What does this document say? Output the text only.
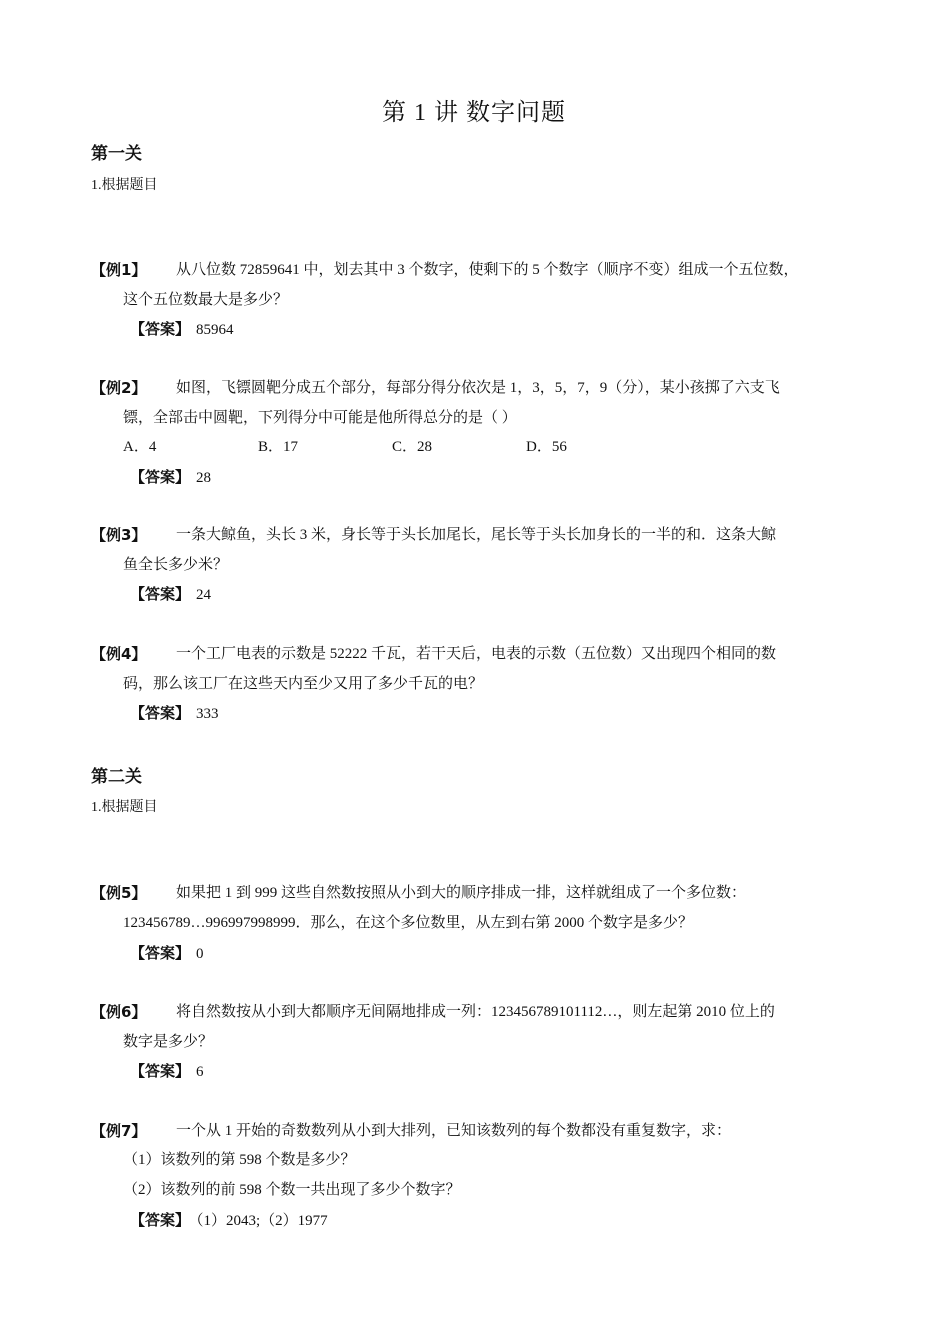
第 1 讲 数字问题
第一关
1.根据题目
【例1】 从八位数 72859641 中，划去其中 3 个数字，使剩下的 5 个数字（顺序不变）组成一个五位数，
这个五位数最大是多少？
【答案】 85964
【例2】 如图，飞镖圆靶分成五个部分，每部分得分依次是 1，3，5，7，9（分），某小孩掷了六支飞
镖，全部击中圆靶，下列得分中可能是他所得总分的是（ ）
A．4	B．17	C．28	D．56
【答案】 28
【例3】 一条大鲸鱼，头长 3 米，身长等于头长加尾长，尾长等于头长加身长的一半的和．这条大鲸
鱼全长多少米？
【答案】 24
【例4】 一个工厂电表的示数是 52222 千瓦，若干天后，电表的示数（五位数）又出现四个相同的数
码，那么该工厂在这些天内至少又用了多少千瓦的电？
【答案】 333
第二关
1.根据题目
【例5】 如果把 1 到 999 这些自然数按照从小到大的顺序排成一排，这样就组成了一个多位数：
123456789…996997998999．那么，在这个多位数里，从左到右第 2000 个数字是多少？
【答案】 0
【例6】 将自然数按从小到大都顺序无间隔地排成一列：123456789101112…，则左起第 2010 位上的
数字是多少？
【答案】 6
【例7】 一个从 1 开始的奇数数列从小到大排列，已知该数列的每个数都没有重复数字，求：
（1）该数列的第 598 个数是多少？
（2）该数列的前 598 个数一共出现了多少个数字？
【答案】 （1）2043;（2）1977
